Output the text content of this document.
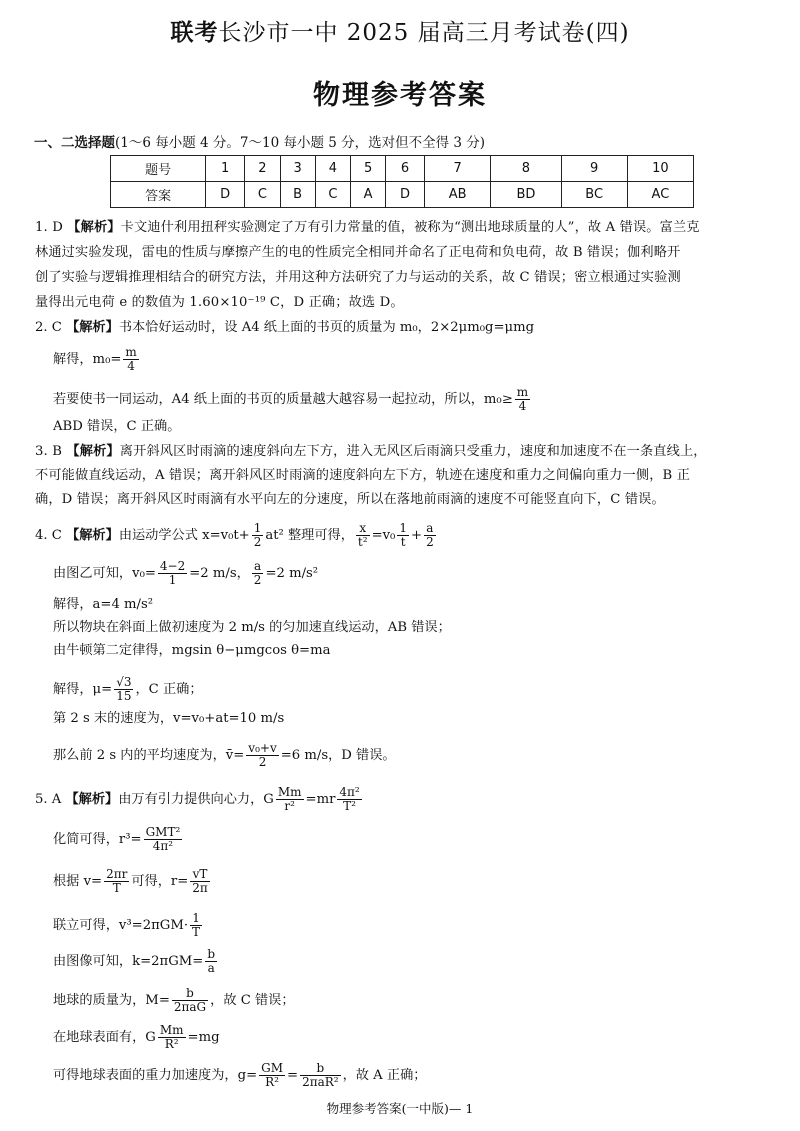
联考长沙市一中 2025 届高三月考试卷(四)
物理参考答案
一、二选择题(1～6 每小题 4 分。7～10 每小题 5 分，选对但不全得 3 分)
题号	1	2	3	4	5	6	7	8	9	10
答案	D	C	B	C	A	D	AB	BD	BC	AC
1. D 【解析】卡文迪什利用扭秤实验测定了万有引力常量的值，被称为“测出地球质量的人”，故 A 错误。富兰克
林通过实验发现，雷电的性质与摩擦产生的电的性质完全相同并命名了正电荷和负电荷，故 B 错误；伽利略开
创了实验与逻辑推理相结合的研究方法，并用这种方法研究了力与运动的关系，故 C 错误；密立根通过实验测
量得出元电荷 e 的数值为 1.60×10⁻¹⁹ C，D 正确；故选 D。
2. C 【解析】书本恰好运动时，设 A4 纸上面的书页的质量为 m₀，2×2μm₀g=μmg
解得，$m_0= \frac{m}{4}$
若要使书一同运动，A4 纸上面的书页的质量越大越容易一起拉动，所以，$m_0\ge \frac{m}{4}$
ABD 错误，C 正确。
3. B 【解析】离开斜风区时雨滴的速度斜向左下方，进入无风区后雨滴只受重力，速度和加速度不在一条直线上，
不可能做直线运动，A 错误；离开斜风区时雨滴的速度斜向左下方，轨迹在速度和重力之间偏向重力一侧，B 正
确，D 错误；离开斜风区时雨滴有水平向左的分速度，所以在落地前雨滴的速度不可能竖直向下，C 错误。
4. C 【解析】由运动学公式 $x=v_0t+ \frac{1}{2} at^2$ 整理可得， $\frac{x}{\text{t²}} =v_0 \frac{1}{t} + \frac{a}{2}$
由图乙可知，$v_0= \frac{4-2}{1} =2$ m/s， $\frac{a}{2} =2$ m/s²
解得，a=4 m/s²
所以物块在斜面上做初速度为 2 m/s 的匀加速直线运动，AB 错误；
由牛顿第二定律得，mgsin θ−μmgcos θ=ma
解得，$\mu= \frac{√3}{15}$ ，C 正确；
第 2 s 末的速度为，v=v₀+at=10 m/s
那么前 2 s 内的平均速度为，v̄= $\frac{\text{v₀+v}}{2} =6$ m/s，D 错误。
5. A 【解析】由万有引力提供向心力，G $\frac{Mm}{\text{r²}} =mr \frac{\text{4π²}}{\text{T²}}$
化简可得，$r^3= \frac{\text{GMT²}}{\text{4π²}}$
根据 $v= \frac{2\pi r}{T}$ 可得，$r= \frac{vT}{2\pi}$
联立可得，$v^3=2\pi GM\cdot \frac{1}{T}$
由图像可知，$k=2\pi GM= \frac{b}{a}$
地球的质量为，$M= \frac{b}{\text{2πaG}}$ ，故 C 错误；
在地球表面有，G $\frac{Mm}{\text{R²}} =mg$
可得地球表面的重力加速度为，$g= \frac{GM}{\text{R²}} = \frac{b}{\text{2πaR²}}$ ，故 A 正确；
物理参考答案(一中版)— 1
